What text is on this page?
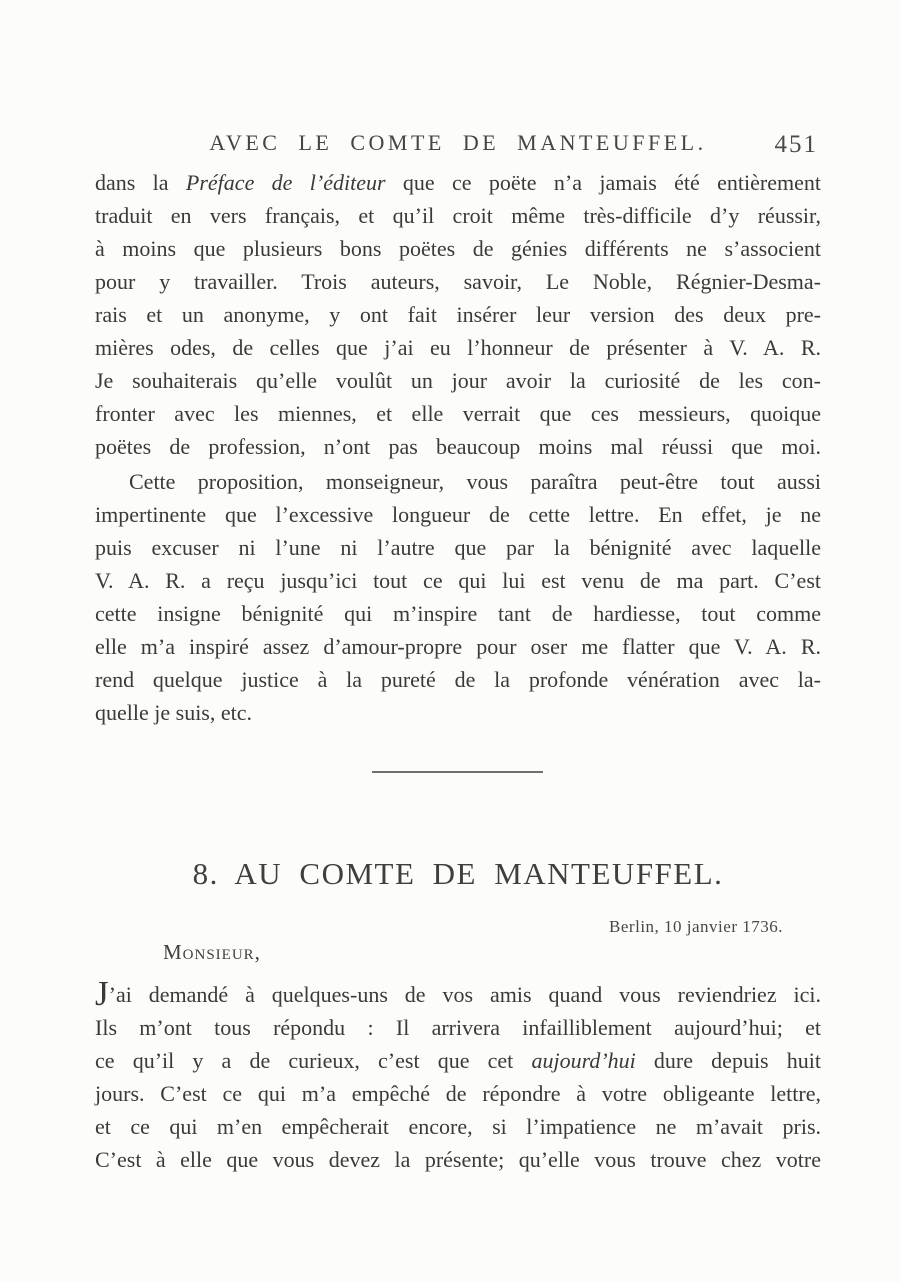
AVEC LE COMTE DE MANTEUFFEL.	451
dans la Préface de l’éditeur que ce poëte n’a jamais été entièrement
traduit en vers français, et qu’il croit même très-difficile d’y réussir,
à moins que plusieurs bons poëtes de génies différents ne s’associent
pour y travailler. Trois auteurs, savoir, Le Noble, Régnier-Desma-
rais et un anonyme, y ont fait insérer leur version des deux pre-
mières odes, de celles que j’ai eu l’honneur de présenter à V. A. R.
Je souhaiterais qu’elle voulût un jour avoir la curiosité de les con-
fronter avec les miennes, et elle verrait que ces messieurs, quoique
poëtes de profession, n’ont pas beaucoup moins mal réussi que moi.
Cette proposition, monseigneur, vous paraîtra peut-être tout aussi
impertinente que l’excessive longueur de cette lettre. En effet, je ne
puis excuser ni l’une ni l’autre que par la bénignité avec laquelle
V. A. R. a reçu jusqu’ici tout ce qui lui est venu de ma part. C’est
cette insigne bénignité qui m’inspire tant de hardiesse, tout comme
elle m’a inspiré assez d’amour-propre pour oser me flatter que V. A. R.
rend quelque justice à la pureté de la profonde vénération avec la-
quelle je suis, etc.
8. AU COMTE DE MANTEUFFEL.
Berlin, 10 janvier 1736.
Monsieur,
J’ai demandé à quelques-uns de vos amis quand vous reviendriez ici.
Ils m’ont tous répondu : Il arrivera infailliblement aujourd’hui; et
ce qu’il y a de curieux, c’est que cet aujourd’hui dure depuis huit
jours. C’est ce qui m’a empêché de répondre à votre obligeante lettre,
et ce qui m’en empêcherait encore, si l’impatience ne m’avait pris.
C’est à elle que vous devez la présente; qu’elle vous trouve chez votre
